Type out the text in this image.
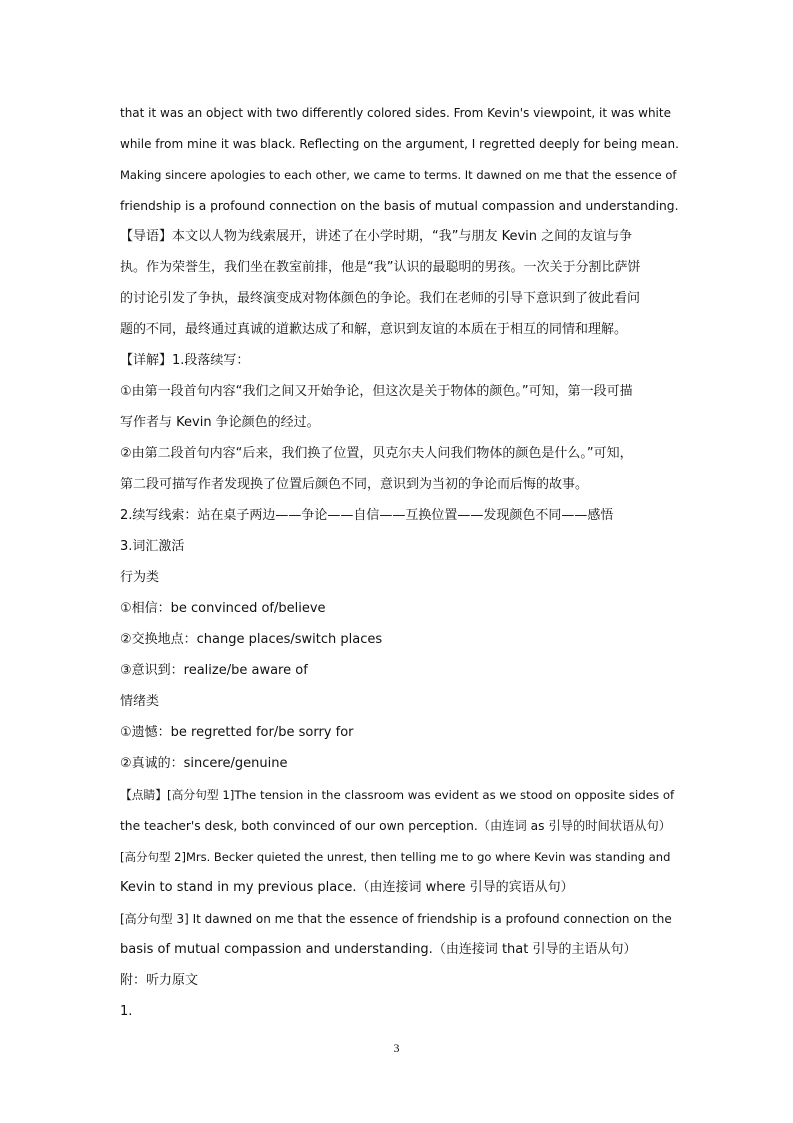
that it was an object with two differently colored sides. From Kevin's viewpoint, it was white
while from mine it was black. Reflecting on the argument, I regretted deeply for being mean.
Making sincere apologies to each other, we came to terms. It dawned on me that the essence of
friendship is a profound connection on the basis of mutual compassion and understanding.
【导语】本文以人物为线索展开，讲述了在小学时期，“我”与朋友 Kevin 之间的友谊与争
执。作为荣誉生，我们坐在教室前排，他是“我”认识的最聪明的男孩。一次关于分割比萨饼
的讨论引发了争执，最终演变成对物体颜色的争论。我们在老师的引导下意识到了彼此看问
题的不同，最终通过真诚的道歉达成了和解，意识到友谊的本质在于相互的同情和理解。
【详解】1.段落续写：
①由第一段首句内容“我们之间又开始争论，但这次是关于物体的颜色。”可知，第一段可描
写作者与 Kevin 争论颜色的经过。
②由第二段首句内容“后来，我们换了位置，贝克尔夫人问我们物体的颜色是什么。”可知，
第二段可描写作者发现换了位置后颜色不同，意识到为当初的争论而后悔的故事。
2.续写线索：站在桌子两边——争论——自信——互换位置——发现颜色不同——感悟
3.词汇激活
行为类
①相信：be convinced of/believe
②交换地点：change places/switch places
③意识到：realize/be aware of
情绪类
①遗憾：be regretted for/be sorry for
②真诚的：sincere/genuine
【点睛】[高分句型 1]The tension in the classroom was evident as we stood on opposite sides of
the teacher's desk, both convinced of our own perception.（由连词 as 引导的时间状语从句）
[高分句型 2]Mrs. Becker quieted the unrest, then telling me to go where Kevin was standing and
Kevin to stand in my previous place.（由连接词 where 引导的宾语从句）
[高分句型 3] It dawned on me that the essence of friendship is a profound connection on the
basis of mutual compassion and understanding.（由连接词 that 引导的主语从句）
附：听力原文
1.
3
